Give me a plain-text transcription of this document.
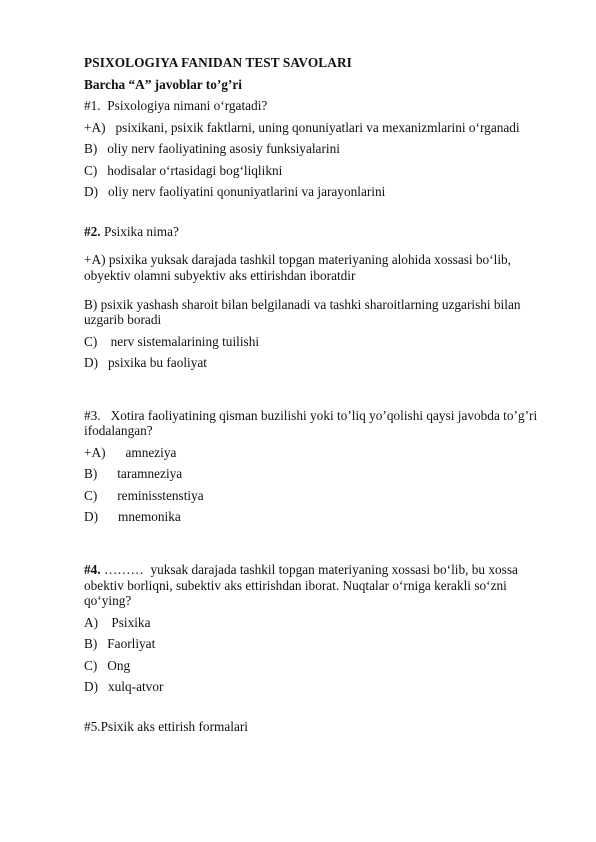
PSIXOLOGIYA FANIDAN TEST SAVOLARI

Barcha “A” javoblar to’g’ri

#1.  Psixologiya nimani o‘rgatadi?

+A)   psixikani, psixik faktlarni, uning qonuniyatlari va mexanizmlarini o‘rganadi

B)   oliy nerv faoliyatining asosiy funksiyalarini

C)   hodisalar o‘rtasidagi bog‘liqlikni

D)   oliy nerv faoliyatini qonuniyatlarini va jarayonlarini

#2. Psixika nima?

+A) psixika yuksak darajada tashkil topgan materiyaning alohida xossasi bo‘lib, obyektiv olamni subyektiv aks ettirishdan iboratdir

B) psixik yashash sharoit bilan belgilanadi va tashki sharoitlarning uzgarishi bilan uzgarib boradi

C)    nerv sistemalarining tuilishi

D)   psixika bu faoliyat

#3.   Xotira faoliyatining qisman buzilishi yoki to’liq yo’qolishi qaysi javobda to’g’ri ifodalangan?

+A)      amneziya

B)      taramneziya

C)      reminisstenstiya

D)      mnemonika

#4. ………  yuksak darajada tashkil topgan materiyaning xossasi bo‘lib, bu xossa obektiv borliqni, subektiv aks ettirishdan iborat. Nuqtalar o‘rniga kerakli so‘zni qo‘ying?

A)    Psixika

B)   Faorliyat

C)   Ong

D)   xulq-atvor

#5.Psixik aks ettirish formalari
